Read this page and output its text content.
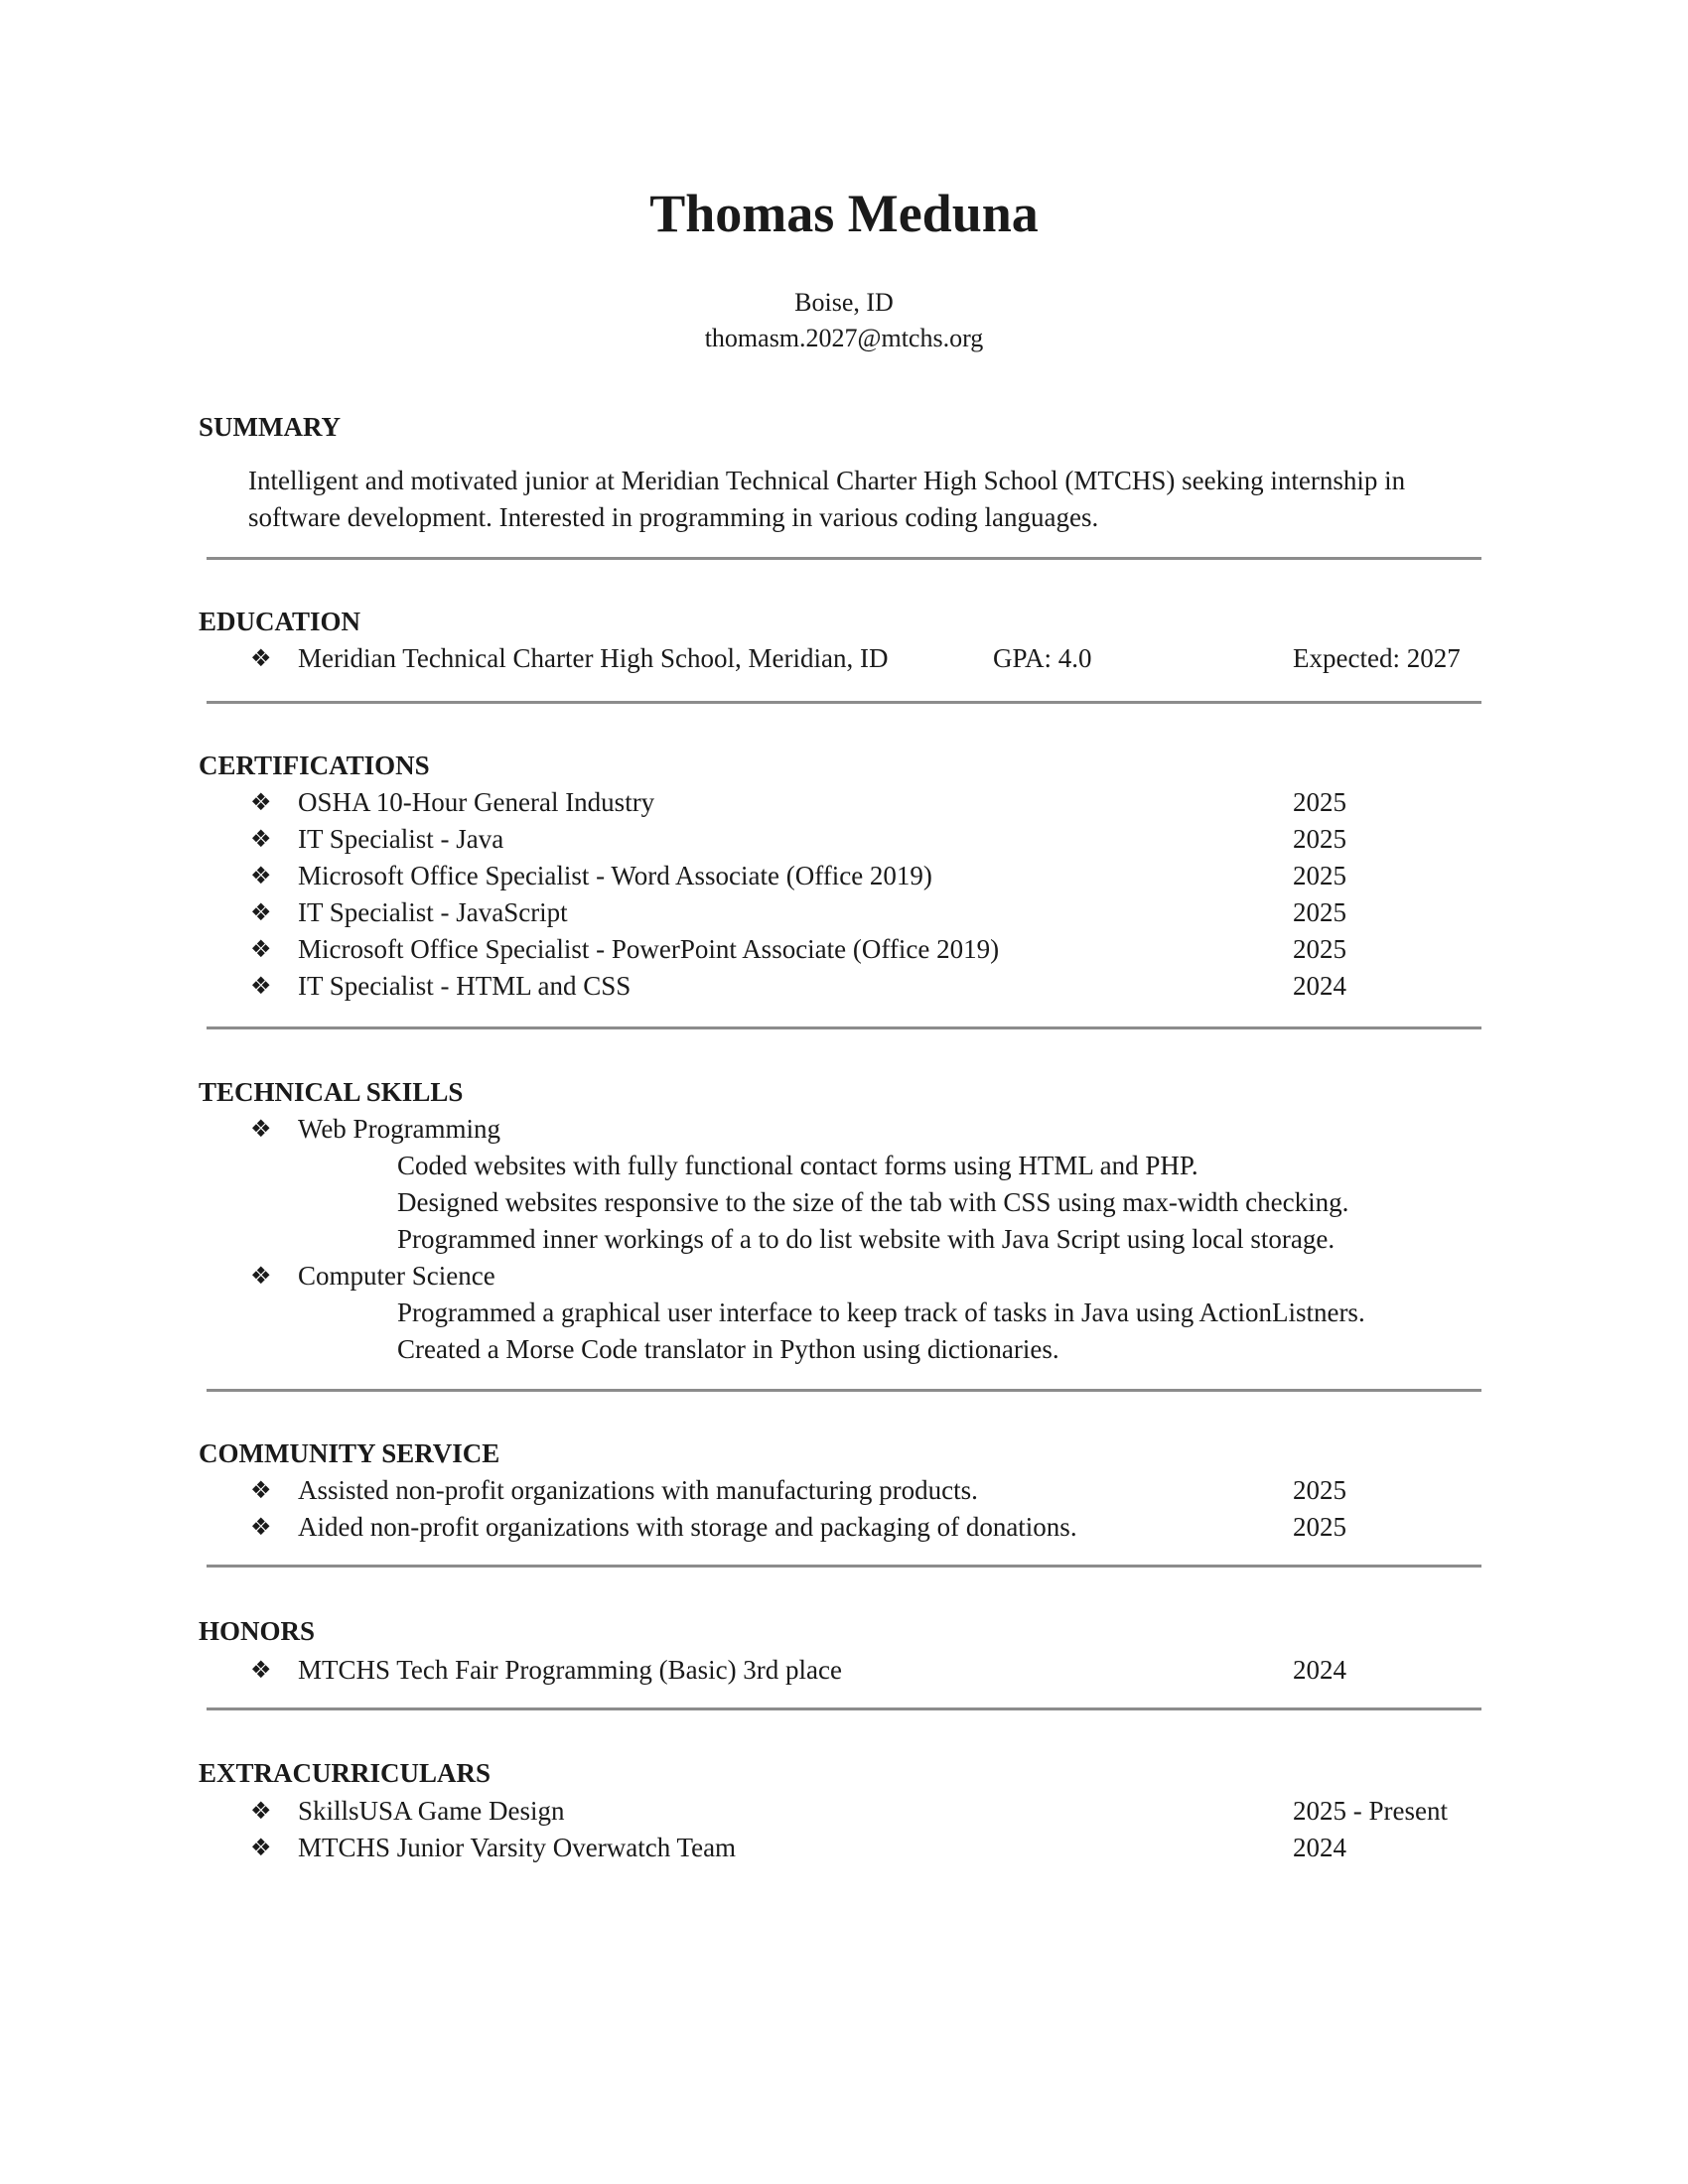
Thomas Meduna
Boise, ID
thomasm.2027@mtchs.org
SUMMARY
Intelligent and motivated junior at Meridian Technical Charter High School (MTCHS) seeking internship in software development. Interested in programming in various coding languages.
EDUCATION
❖ Meridian Technical Charter High School, Meridian, ID	GPA: 4.0	Expected: 2027
CERTIFICATIONS
❖ OSHA 10-Hour General Industry	2025
❖ IT Specialist - Java	2025
❖ Microsoft Office Specialist - Word Associate (Office 2019)	2025
❖ IT Specialist - JavaScript	2025
❖ Microsoft Office Specialist - PowerPoint Associate (Office 2019)	2025
❖ IT Specialist - HTML and CSS	2024
TECHNICAL SKILLS
❖ Web Programming
Coded websites with fully functional contact forms using HTML and PHP.
Designed websites responsive to the size of the tab with CSS using max-width checking.
Programmed inner workings of a to do list website with Java Script using local storage.
❖ Computer Science
Programmed a graphical user interface to keep track of tasks in Java using ActionListners.
Created a Morse Code translator in Python using dictionaries.
COMMUNITY SERVICE
❖ Assisted non-profit organizations with manufacturing products.	2025
❖ Aided non-profit organizations with storage and packaging of donations.	2025
HONORS
❖ MTCHS Tech Fair Programming (Basic) 3rd place	2024
EXTRACURRICULARS
❖ SkillsUSA Game Design	2025 - Present
❖ MTCHS Junior Varsity Overwatch Team	2024
